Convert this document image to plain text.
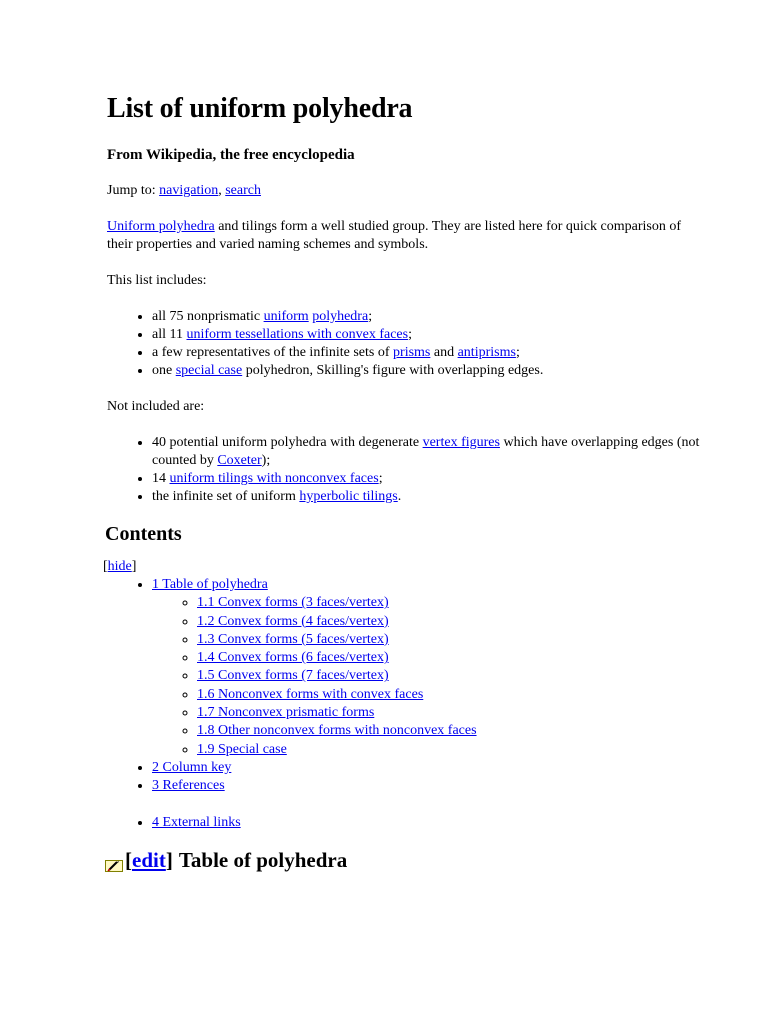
List of uniform polyhedra
From Wikipedia, the free encyclopedia
Jump to: navigation, search

Uniform polyhedra and tilings form a well studied group. They are listed here for quick comparison of their properties and varied naming schemes and symbols.

This list includes:

• all 75 nonprismatic uniform polyhedra;
• all 11 uniform tessellations with convex faces;
• a few representatives of the infinite sets of prisms and antiprisms;
• one special case polyhedron, Skilling's figure with overlapping edges.

Not included are:

• 40 potential uniform polyhedra with degenerate vertex figures which have overlapping edges (not counted by Coxeter);
• 14 uniform tilings with nonconvex faces;
• the infinite set of uniform hyperbolic tilings.
Contents
[hide]
• 1 Table of polyhedra
◦ 1.1 Convex forms (3 faces/vertex)
◦ 1.2 Convex forms (4 faces/vertex)
◦ 1.3 Convex forms (5 faces/vertex)
◦ 1.4 Convex forms (6 faces/vertex)
◦ 1.5 Convex forms (7 faces/vertex)
◦ 1.6 Nonconvex forms with convex faces
◦ 1.7 Nonconvex prismatic forms
◦ 1.8 Other nonconvex forms with nonconvex faces
◦ 1.9 Special case
• 2 Column key
• 3 References
• 4 External links
[edit] Table of polyhedra
